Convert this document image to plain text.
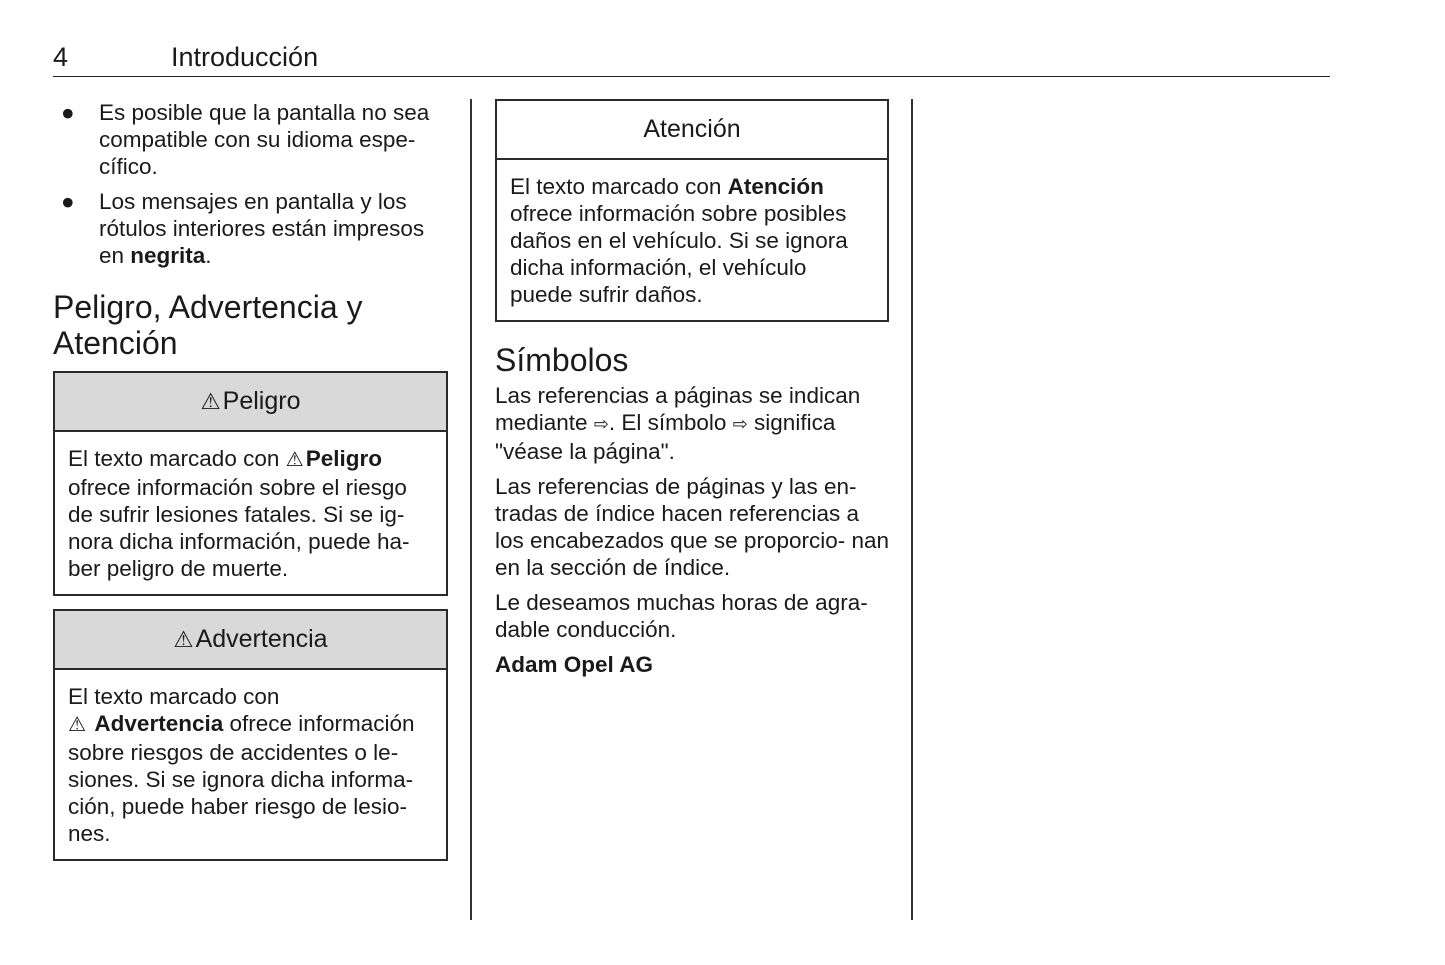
4	Introducción
● Es posible que la pantalla no sea compatible con su idioma espe- cífico.
● Los mensajes en pantalla y los rótulos interiores están impresos en negrita.
Peligro, Advertencia y Atención
⚠ Peligro
El texto marcado con ⚠Peligro ofrece información sobre el riesgo de sufrir lesiones fatales. Si se ig- nora dicha información, puede ha- ber peligro de muerte.
⚠ Advertencia
El texto marcado con
⚠ Advertencia ofrece información sobre riesgos de accidentes o le- siones. Si se ignora dicha informa- ción, puede haber riesgo de lesio- nes.
Atención
El texto marcado con Atención ofrece información sobre posibles daños en el vehículo. Si se ignora dicha información, el vehículo puede sufrir daños.
Símbolos

Las referencias a páginas se indican mediante ⇨. El símbolo ⇨ significa "véase la página".

Las referencias de páginas y las en- tradas de índice hacen referencias a los encabezados que se proporcio- nan en la sección de índice.

Le deseamos muchas horas de agra- dable conducción.

Adam Opel AG
